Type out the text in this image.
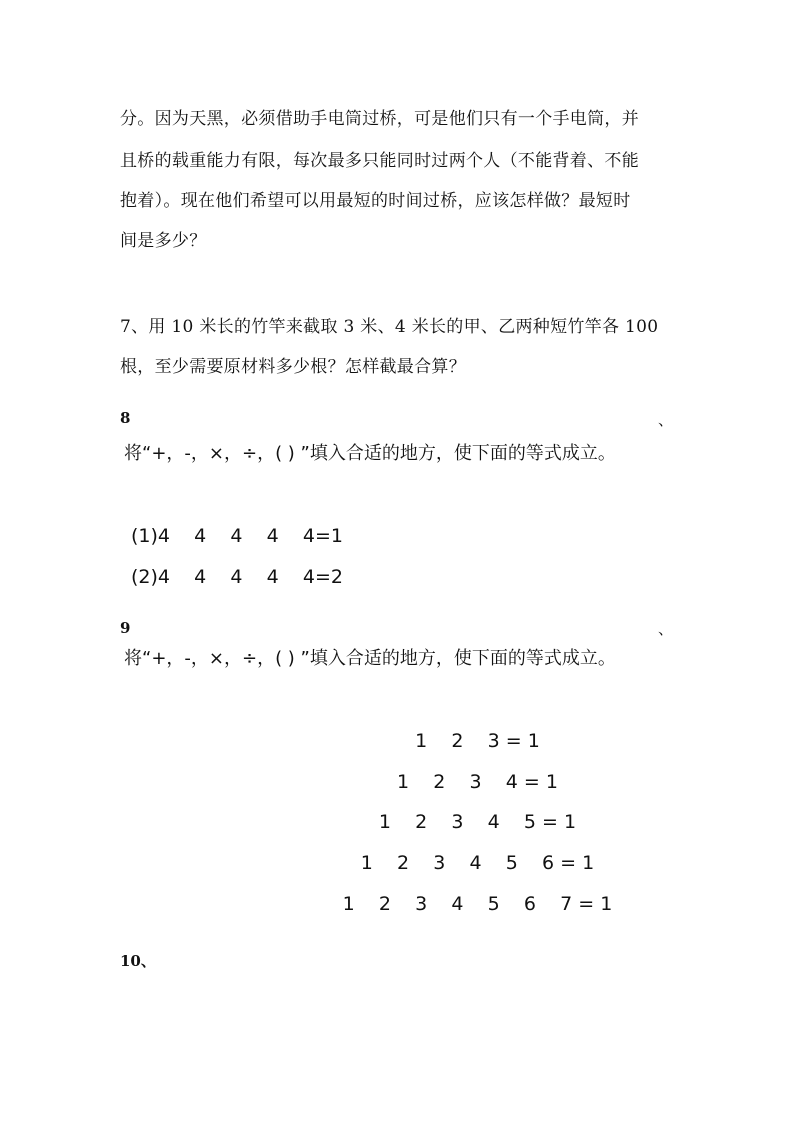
分。因为天黑，必须借助手电筒过桥，可是他们只有一个手电筒，并
且桥的载重能力有限，每次最多只能同时过两个人（不能背着、不能
抱着）。现在他们希望可以用最短的时间过桥，应该怎样做？最短时
间是多少？
7、用 10 米长的竹竿来截取 3 米、4 米长的甲、乙两种短竹竿各 100
根，至少需要原材料多少根？怎样截最合算？
8	、
将“+，-，×，÷，( ) ”填入合适的地方，使下面的等式成立。
(1)4    4    4    4    4=1
(2)4    4    4    4    4=2
9	、
将“+，-，×，÷，( ) ”填入合适的地方，使下面的等式成立。
1    2    3 = 1
1    2    3    4 = 1
1    2    3    4    5 = 1
1    2    3    4    5    6 = 1
1    2    3    4    5    6    7 = 1
10、
